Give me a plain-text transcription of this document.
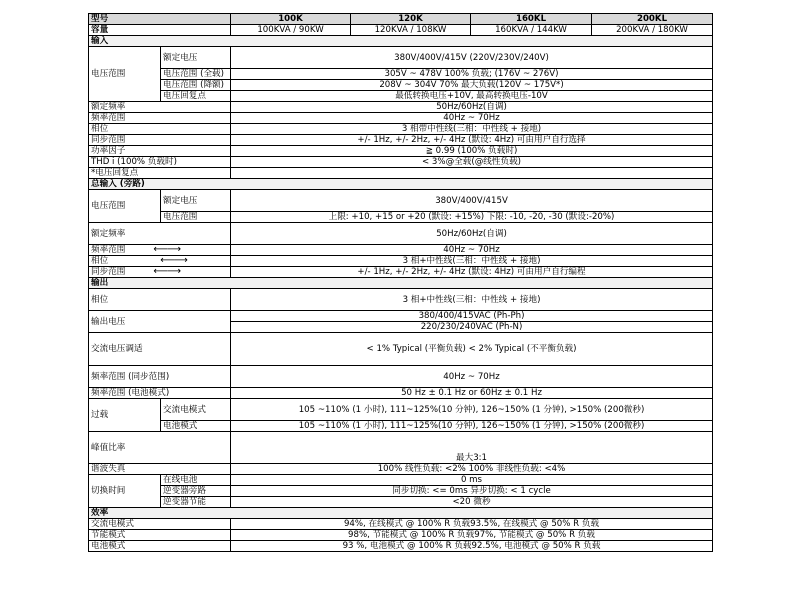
型号		100K	120K	160KL	200KL
容量		100KVA / 90KW	120KVA / 108KW	160KVA / 144KW	200KVA / 180KW
输入					
电压范围	额定电压	380V/400V/415V (220V/230V/240V)			
	电压范围 (全载)	305V ~ 478V 100% 负载; (176V ~ 276V)			
	电压范围 (降额)	208V ~ 304V 70% 最大负载(120V ~ 175V*)			
	电压回复点	最低转换电压+10V, 最高转换电压-10V			
额定频率		50Hz/60Hz(自调)			
频率范围		40Hz ~ 70Hz			
相位		3 相带中性线(三相：中性线 + 接地)			
同步范围		+/- 1Hz, +/- 2Hz, +/- 4Hz (默设: 4Hz) 可由用户自行选择			
功率因子		≧ 0.99 (100% 负载时)			
THD i (100% 负载时)		< 3%@全载(@线性负载)			
*电压回复点					
总输入 (旁路)					
电压范围	额定电压	380V/400V/415V			
	电压范围	上限: +10, +15 or +20 (默设: +15%) 下限: -10, -20, -30 (默设:-20%)			
额定频率		50Hz/60Hz(自调)			
频率范围 ⟵⟶		40Hz ~ 70Hz			
相位 ⟵⟶		3 相+中性线(三相：中性线 + 接地)			
同步范围 ⟵⟶		+/- 1Hz, +/- 2Hz, +/- 4Hz (默设: 4Hz) 可由用户自行编程			
输出					
相位		3 相+中性线(三相：中性线 + 接地)			
输出电压		380/400/415VAC (Ph-Ph)			
		220/230/240VAC (Ph-N)			
交流电压调适		< 1% Typical (平衡负载) < 2% Typical (不平衡负载)			
频率范围 (同步范围)		40Hz ~ 70Hz			
频率范围 (电池模式)		50 Hz ± 0.1 Hz or 60Hz ± 0.1 Hz			
过载	交流电模式	105 ~110% (1 小时), 111~125%(10 分钟), 126~150% (1 分钟), >150% (200微秒)			
	电池模式	105 ~110% (1 小时), 111~125%(10 分钟), 126~150% (1 分钟), >150% (200微秒)			
峰值比率		最大3:1			
谐波失真		100% 线性负载: <2% 100% 非线性负载: <4%			
切换时间	在线电池	0 ms			
	逆变器旁路	同步切换: <= 0ms 异步切换: < 1 cycle			
	逆变器节能	<20 微秒			
效率					
交流电模式		94%, 在线模式 @ 100% R 负载93.5%, 在线模式 @ 50% R 负载			
节能模式		98%, 节能模式 @ 100% R 负载97%, 节能模式 @ 50% R 负载			
电池模式		93 %, 电池模式 @ 100% R 负载92.5%, 电池模式 @ 50% R 负载			
